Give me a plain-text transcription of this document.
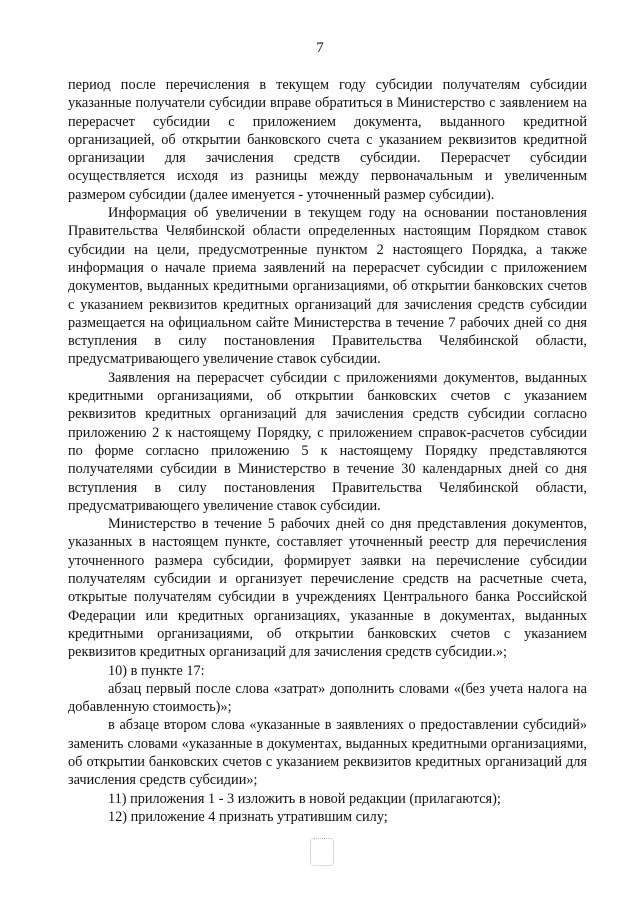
7

период после перечисления в текущем году субсидии получателям субсидии указанные получатели субсидии вправе обратиться в Министерство с заявлением на перерасчет субсидии с приложением документа, выданного кредитной организацией, об открытии банковского счета с указанием реквизитов кредитной организации для зачисления средств субсидии. Перерасчет субсидии осуществляется исходя из разницы между первоначальным и увеличенным размером субсидии (далее именуется - уточненный размер субсидии).

Информация об увеличении в текущем году на основании постановления Правительства Челябинской области определенных настоящим Порядком ставок субсидии на цели, предусмотренные пунктом 2 настоящего Порядка, а также информация о начале приема заявлений на перерасчет субсидии с приложением документов, выданных кредитными организациями, об открытии банковских счетов с указанием реквизитов кредитных организаций для зачисления средств субсидии размещается на официальном сайте Министерства в течение 7 рабочих дней со дня вступления в силу постановления Правительства Челябинской области, предусматривающего увеличение ставок субсидии.

Заявления на перерасчет субсидии с приложениями документов, выданных кредитными организациями, об открытии банковских счетов с указанием реквизитов кредитных организаций для зачисления средств субсидии согласно приложению 2 к настоящему Порядку, с приложением справок-расчетов субсидии по форме согласно приложению 5 к настоящему Порядку представляются получателями субсидии в Министерство в течение 30 календарных дней со дня вступления в силу постановления Правительства Челябинской области, предусматривающего увеличение ставок субсидии.

Министерство в течение 5 рабочих дней со дня представления документов, указанных в настоящем пункте, составляет уточненный реестр для перечисления уточненного размера субсидии, формирует заявки на перечисление субсидии получателям субсидии и организует перечисление средств на расчетные счета, открытые получателям субсидии в учреждениях Центрального банка Российской Федерации или кредитных организациях, указанные в документах, выданных кредитными организациями, об открытии банковских счетов с указанием реквизитов кредитных организаций для зачисления средств субсидии.»;

10) в пункте 17:

абзац первый после слова «затрат» дополнить словами «(без учета налога на добавленную стоимость)»;

в абзаце втором слова «указанные в заявлениях о предоставлении субсидий» заменить словами «указанные в документах, выданных кредитными организациями, об открытии банковских счетов с указанием реквизитов кредитных организаций для зачисления средств субсидии»;

11) приложения 1 - 3 изложить в новой редакции (прилагаются);

12) приложение 4 признать утратившим силу;
